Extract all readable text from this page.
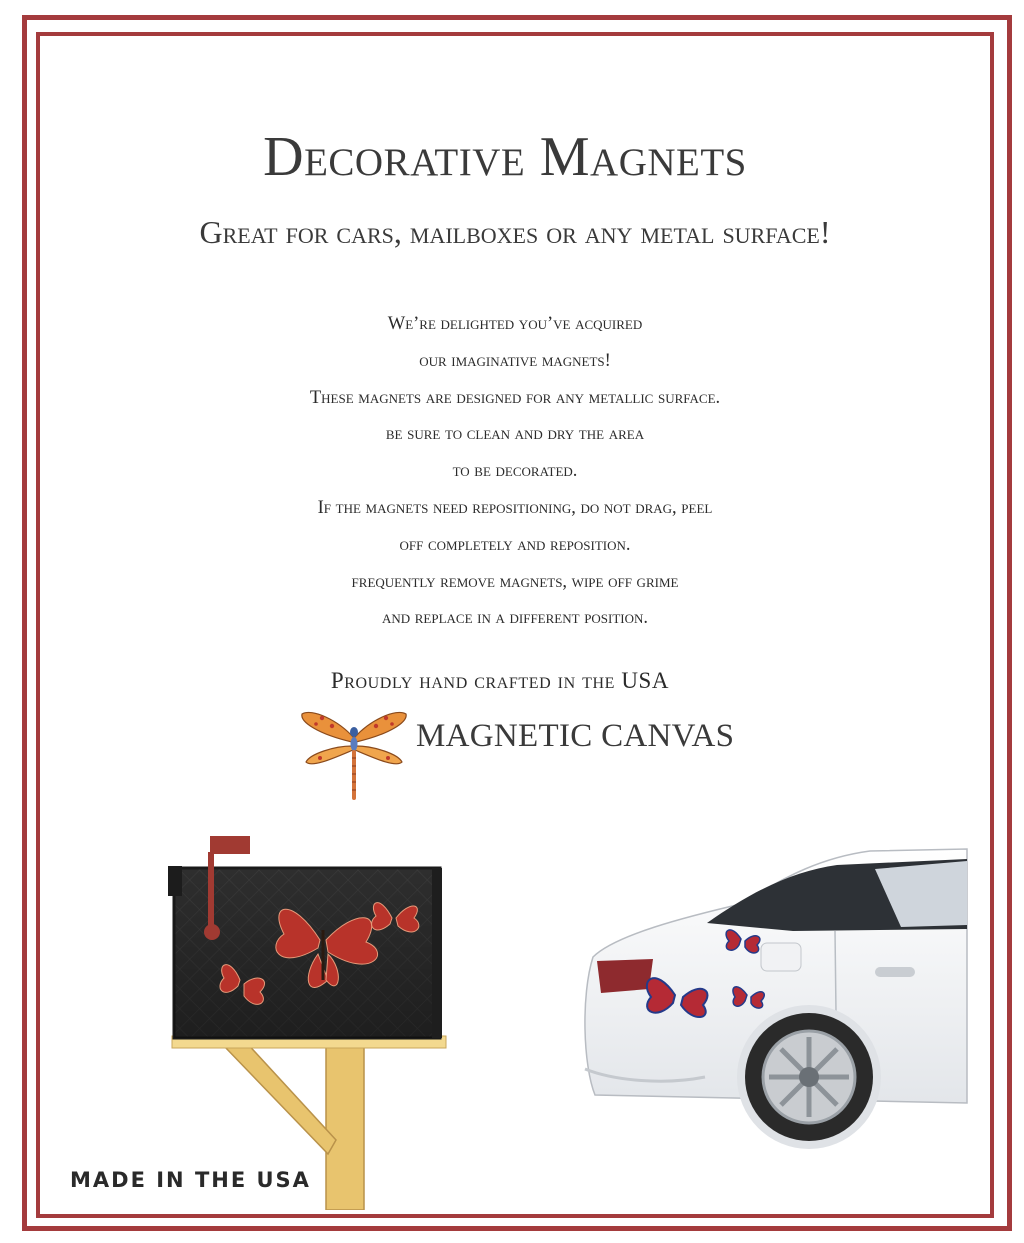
Decorative Magnets
Great for cars, mailboxes or any metal surface!
We’re delighted you’ve acquired
our imaginative magnets!
These magnets are designed for any metallic surface.
be sure to clean and dry the area
to be decorated.
If the magnets need repositioning, do not drag, peel
off completely and reposition.
frequently remove magnets, wipe off grime
and replace in a different position.
Proudly hand crafted in the USA
MAGNETIC CANVAS
MADE IN THE USA
